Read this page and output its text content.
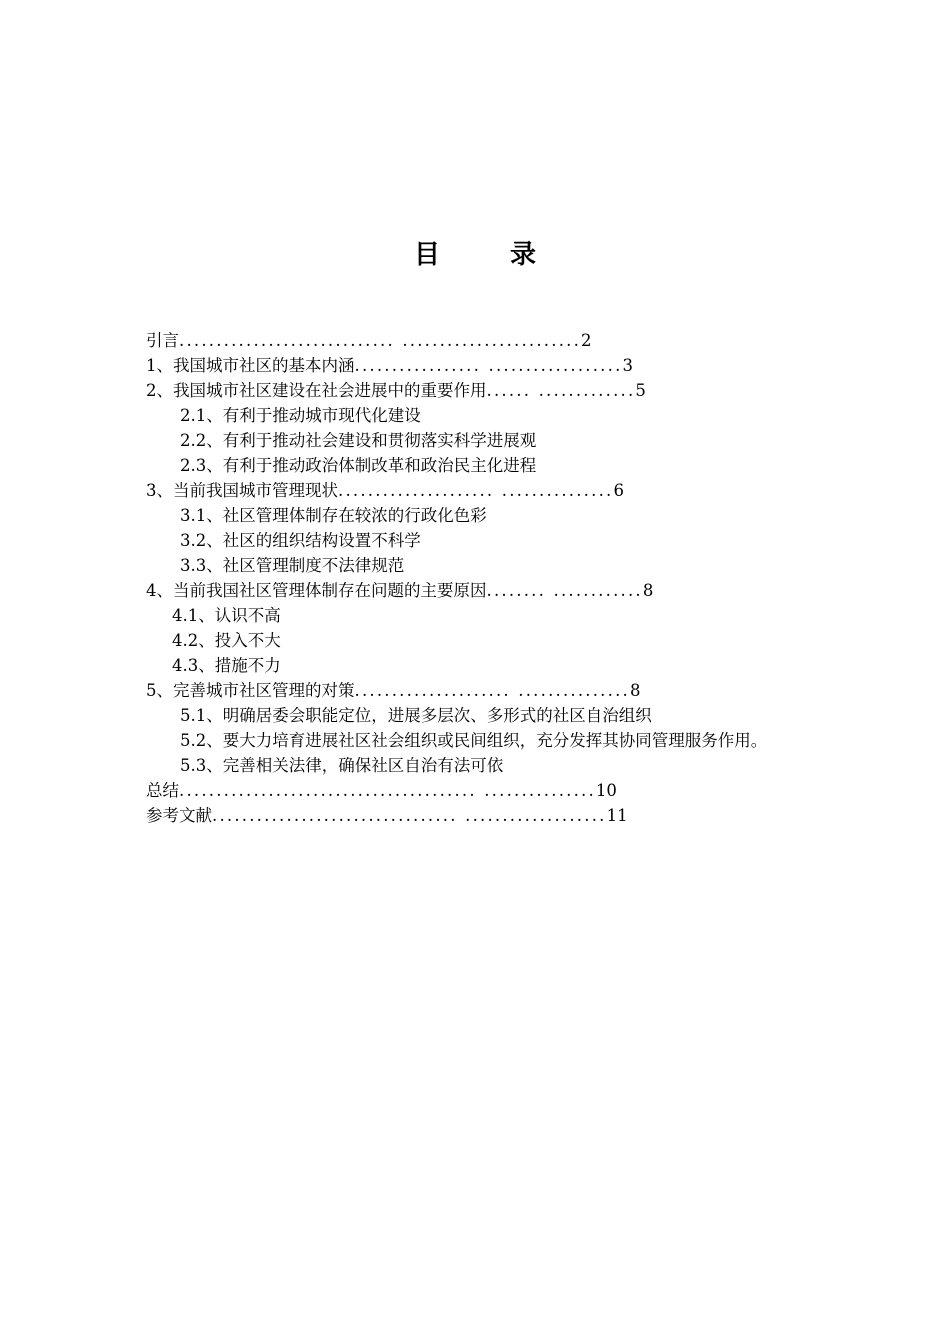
目	录
引言............................. ........................2
1、我国城市社区的基本内涵................. ..................3
2、我国城市社区建设在社会进展中的重要作用...... .............5
2.1、有利于推动城市现代化建设
2.2、有利于推动社会建设和贯彻落实科学进展观
2.3、有利于推动政治体制改革和政治民主化进程
3、当前我国城市管理现状..................... ...............6
3.1、社区管理体制存在较浓的行政化色彩
3.2、社区的组织结构设置不科学
3.3、社区管理制度不法律规范
4、当前我国社区管理体制存在问题的主要原因........ ............8
4.1、认识不高
4.2、投入不大
4.3、措施不力
5、完善城市社区管理的对策..................... ...............8
5.1、明确居委会职能定位，进展多层次、多形式的社区自治组织
5.2、要大力培育进展社区社会组织或民间组织，充分发挥其协同管理服务作用。
5.3、完善相关法律，确保社区自治有法可依
总结........................................ ...............10
参考文献................................. ...................11
